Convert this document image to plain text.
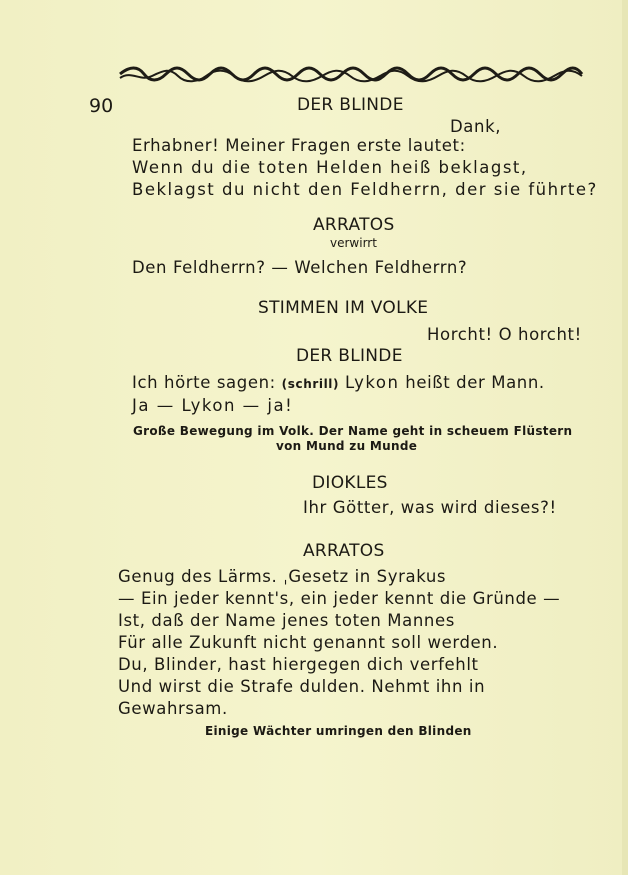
90	DER BLINDE
Dank,
Erhabner! Meiner Fragen erste lautet:
Wenn du die toten Helden heiß beklagst,
Beklagst du nicht den Feldherrn, der sie führte?
ARRATOS
verwirrt
Den Feldherrn? — Welchen Feldherrn?
STIMMEN IM VOLKE
Horcht! O horcht!
DER BLINDE
Ich hörte sagen: (schrill) Lykon heißt der Mann.
Ja — Lykon — ja!
Große Bewegung im Volk. Der Name geht in scheuem Flüstern
von Mund zu Munde
DIOKLES
Ihr Götter, was wird dieses?!
ARRATOS
Genug des Lärms. ˌGesetz in Syrakus
— Ein jeder kennt's, ein jeder kennt die Gründe —
Ist, daß der Name jenes toten Mannes
Für alle Zukunft nicht genannt soll werden.
Du, Blinder, hast hiergegen dich verfehlt
Und wirst die Strafe dulden. Nehmt ihn in
Gewahrsam.
Einige Wächter umringen den Blinden
